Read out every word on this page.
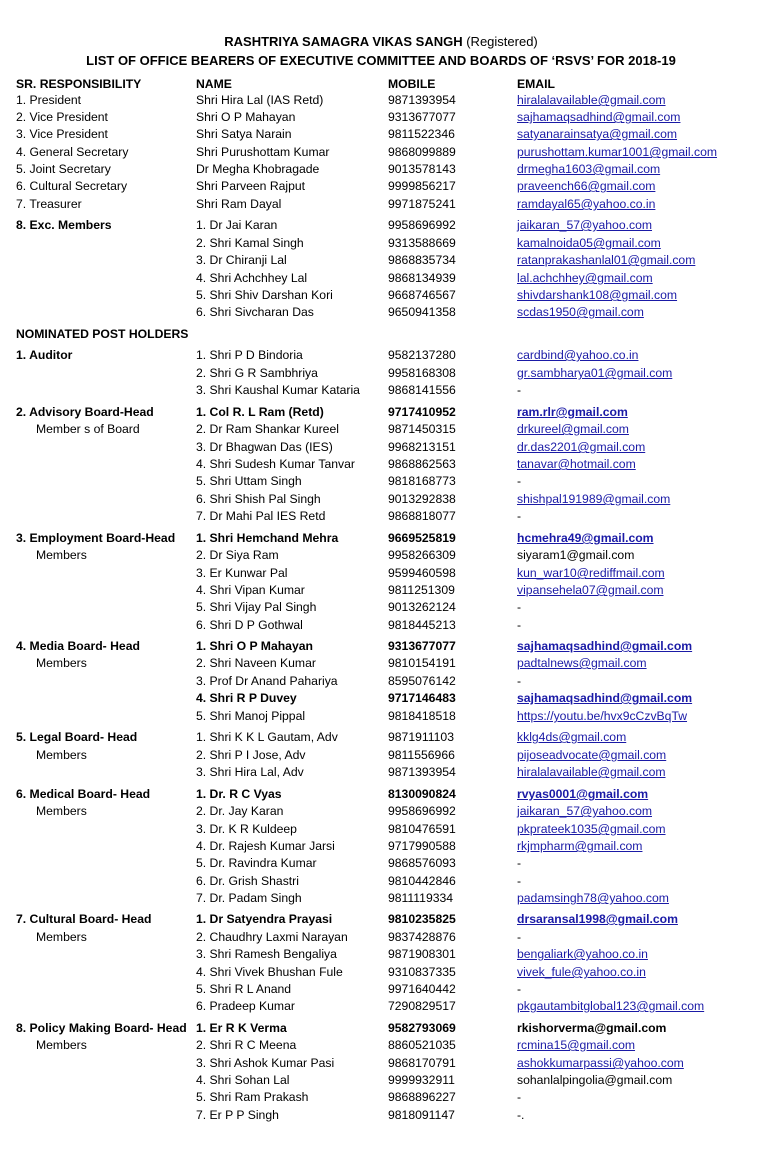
RASHTRIYA SAMAGRA VIKAS SANGH (Registered)
LIST OF OFFICE BEARERS OF EXECUTIVE COMMITTEE AND BOARDS OF ‘RSVS’ FOR 2018-19
SR. RESPONSIBILITY	NAME	MOBILE	EMAIL
1. President	Shri Hira Lal (IAS Retd)	9871393954	hiralalavailable@gmail.com
2. Vice President	Shri O P Mahayan	9313677077	sajhamaqsadhind@gmail.com
3. Vice President	Shri Satya Narain	9811522346	satyanarainsatya@gmail.com
4. General Secretary	Shri Purushottam Kumar	9868099889	purushottam.kumar1001@gmail.com
5. Joint Secretary	Dr Megha Khobragade	9013578143	drmegha1603@gmail.com
6. Cultural Secretary	Shri Parveen Rajput	9999856217	praveench66@gmail.com
7. Treasurer	Shri Ram Dayal	9971875241	ramdayal65@yahoo.co.in
8. Exc. Members	1. Dr Jai Karan	9958696992	jaikaran_57@yahoo.com
2. Shri Kamal Singh	9313588669	kamalnoida05@gmail.com
3. Dr Chiranji Lal	9868835734	ratanprakashanlal01@gmail.com
4. Shri Achchhey Lal	9868134939	lal.achchhey@gmail.com
5. Shri Shiv Darshan Kori	9668746567	shivdarshank108@gmail.com
6. Shri Sivcharan Das	9650941358	scdas1950@gmail.com
NOMINATED POST HOLDERS
1. Auditor	1. Shri P D Bindoria	9582137280	cardbind@yahoo.co.in
2. Shri G R Sambhriya	9958168308	gr.sambharya01@gmail.com
3. Shri Kaushal Kumar Kataria 9868141556	-
2. Advisory Board-Head	1. Col R. L Ram (Retd)	9717410952	ram.rlr@gmail.com
Member s of Board	2. Dr Ram Shankar Kureel	9871450315	drkureel@gmail.com
3. Dr Bhagwan Das (IES)	9968213151	dr.das2201@gmail.com
4. Shri Sudesh Kumar Tanvar	9868862563	tanavar@hotmail.com
5. Shri Uttam Singh	9818168773	-
6. Shri Shish Pal Singh	9013292838	shishpal191989@gmail.com
7. Dr Mahi Pal IES Retd	9868818077	-
3. Employment Board-Head 1. Shri Hemchand Mehra	9669525819	hcmehra49@gmail.com
Members	2. Dr Siya Ram	9958266309	siyaram1@gmail.com
3. Er Kunwar Pal	9599460598	kun_war10@rediffmail.com
4. Shri Vipan Kumar	9811251309	vipansehela07@gmail.com
5. Shri Vijay Pal Singh	9013262124	-
6. Shri D P Gothwal	9818445213	-
4. Media Board- Head	1. Shri O P Mahayan	9313677077	sajhamaqsadhind@gmail.com
Members	2. Shri Naveen Kumar	9810154191	padtalnews@gmail.com
3. Prof Dr Anand Pahariya	8595076142	-
4. Shri R P Duvey	9717146483	sajhamaqsadhind@gmail.com
5. Shri Manoj Pippal	9818418518	https://youtu.be/hvx9cCzvBqTw
5. Legal Board- Head	1. Shri K K L Gautam, Adv	9871911103	kklg4ds@gmail.com
Members	2. Shri P I Jose, Adv	9811556966	pijoseadvocate@gmail.com
3. Shri Hira Lal, Adv	9871393954	hiralalavailable@gmail.com
6. Medical Board- Head	1. Dr. R C Vyas	8130090824	rvyas0001@gmail.com
Members	2. Dr. Jay Karan	9958696992	jaikaran_57@yahoo.com
3. Dr. K R Kuldeep	9810476591	pkprateek1035@gmail.com
4. Dr. Rajesh Kumar Jarsi	9717990588	rkjmpharm@gmail.com
5. Dr. Ravindra Kumar	9868576093	-
6. Dr. Grish Shastri	9810442846	-
7. Dr. Padam Singh	9811119334	padamsingh78@yahoo.com
7. Cultural Board- Head	1. Dr Satyendra Prayasi	9810235825	drsaransal1998@gmail.com
Members	2. Chaudhry Laxmi Narayan	9837428876	-
3. Shri Ramesh Bengaliya	9871908301	bengaliark@yahoo.co.in
4. Shri Vivek Bhushan Fule	9310837335	vivek_fule@yahoo.co.in
5. Shri R L Anand	9971640442	-
6. Pradeep Kumar	7290829517	pkgautambitglobal123@gmail.com
8. Policy Making Board- Head 1. Er R K Verma	9582793069	rkishorverma@gmail.com
Members	2. Shri R C Meena	8860521035	rcmina15@gmail.com
3. Shri Ashok Kumar Pasi	9868170791	ashokkumarpassi@yahoo.com
4. Shri Sohan Lal	9999932911	sohanlalpingolia@gmail.com
5. Shri Ram Prakash	9868896227	-
7. Er P P Singh	9818091147	-.
